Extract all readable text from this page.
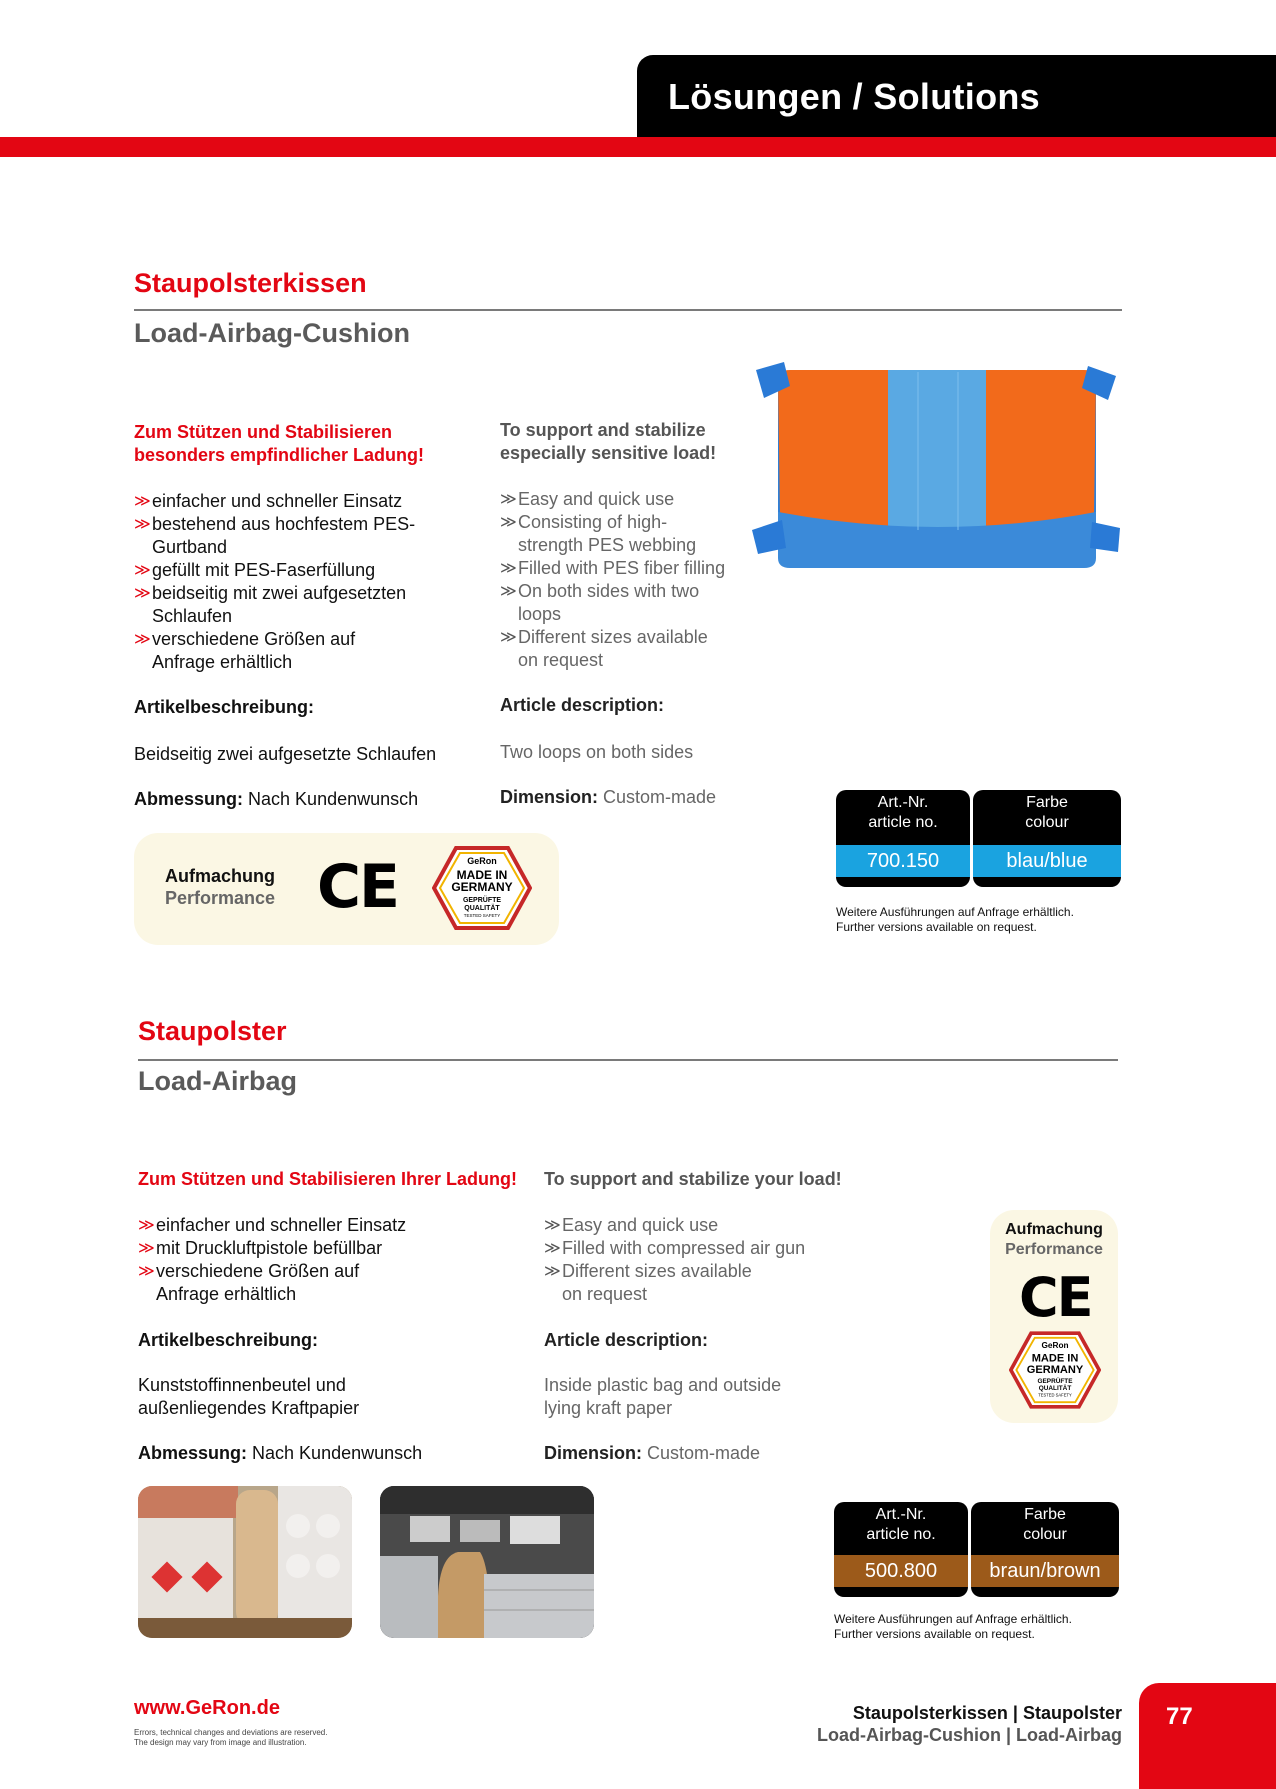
Lösungen / Solutions
Staupolsterkissen
Load-Airbag-Cushion
Zum Stützen und Stabilisieren
besonders empfindlicher Ladung!
To support and stabilize
especially sensitive load!
≫ einfacher und schneller Einsatz
≫ bestehend aus hochfestem PES-
Gurtband
≫ gefüllt mit PES-Faserfüllung
≫ beidseitig mit zwei aufgesetzten
Schlaufen
≫ verschiedene Größen auf
Anfrage erhältlich
≫ Easy and quick use
≫ Consisting of high-
strength PES webbing
≫ Filled with PES fiber filling
≫ On both sides with two
loops
≫ Different sizes available
on request
Artikelbeschreibung:	Article description:
Beidseitig zwei aufgesetzte Schlaufen	Two loops on both sides
Abmessung: Nach Kundenwunsch	Dimension: Custom-made
Aufmachung
Performance CE	GeRon
MADE IN
GERMANY
GEPRÜFTE
QUALITÄT
TESTED SAFETY
Art.-Nr.
article no.
700.150
Farbe
colour
blau/blue
Weitere Ausführungen auf Anfrage erhältlich.
Further versions available on request.
Staupolster
Load-Airbag
Zum Stützen und Stabilisieren Ihrer Ladung! To support and stabilize your load!
≫ einfacher und schneller Einsatz
≫ mit Druckluftpistole befüllbar
≫ verschiedene Größen auf
Anfrage erhältlich
≫ Easy and quick use
≫ Filled with compressed air gun
≫ Different sizes available
on request
Artikelbeschreibung:	Article description:
Kunststoffinnenbeutel und
außenliegendes Kraftpapier
Inside plastic bag and outside
lying kraft paper
Abmessung: Nach Kundenwunsch	Dimension: Custom-made
Aufmachung
Performance
CE
GeRon
MADE IN
GERMANY
GEPRÜFTE
QUALITÄT
TESTED SAFETY
Art.-Nr.
article no.
500.800
Farbe
colour
braun/brown
Weitere Ausführungen auf Anfrage erhältlich.
Further versions available on request.
www.GeRon.de
Errors, technical changes and deviations are reserved.
The design may vary from image and illustration.
Staupolsterkissen | Staupolster
Load-Airbag-Cushion | Load-Airbag
77
